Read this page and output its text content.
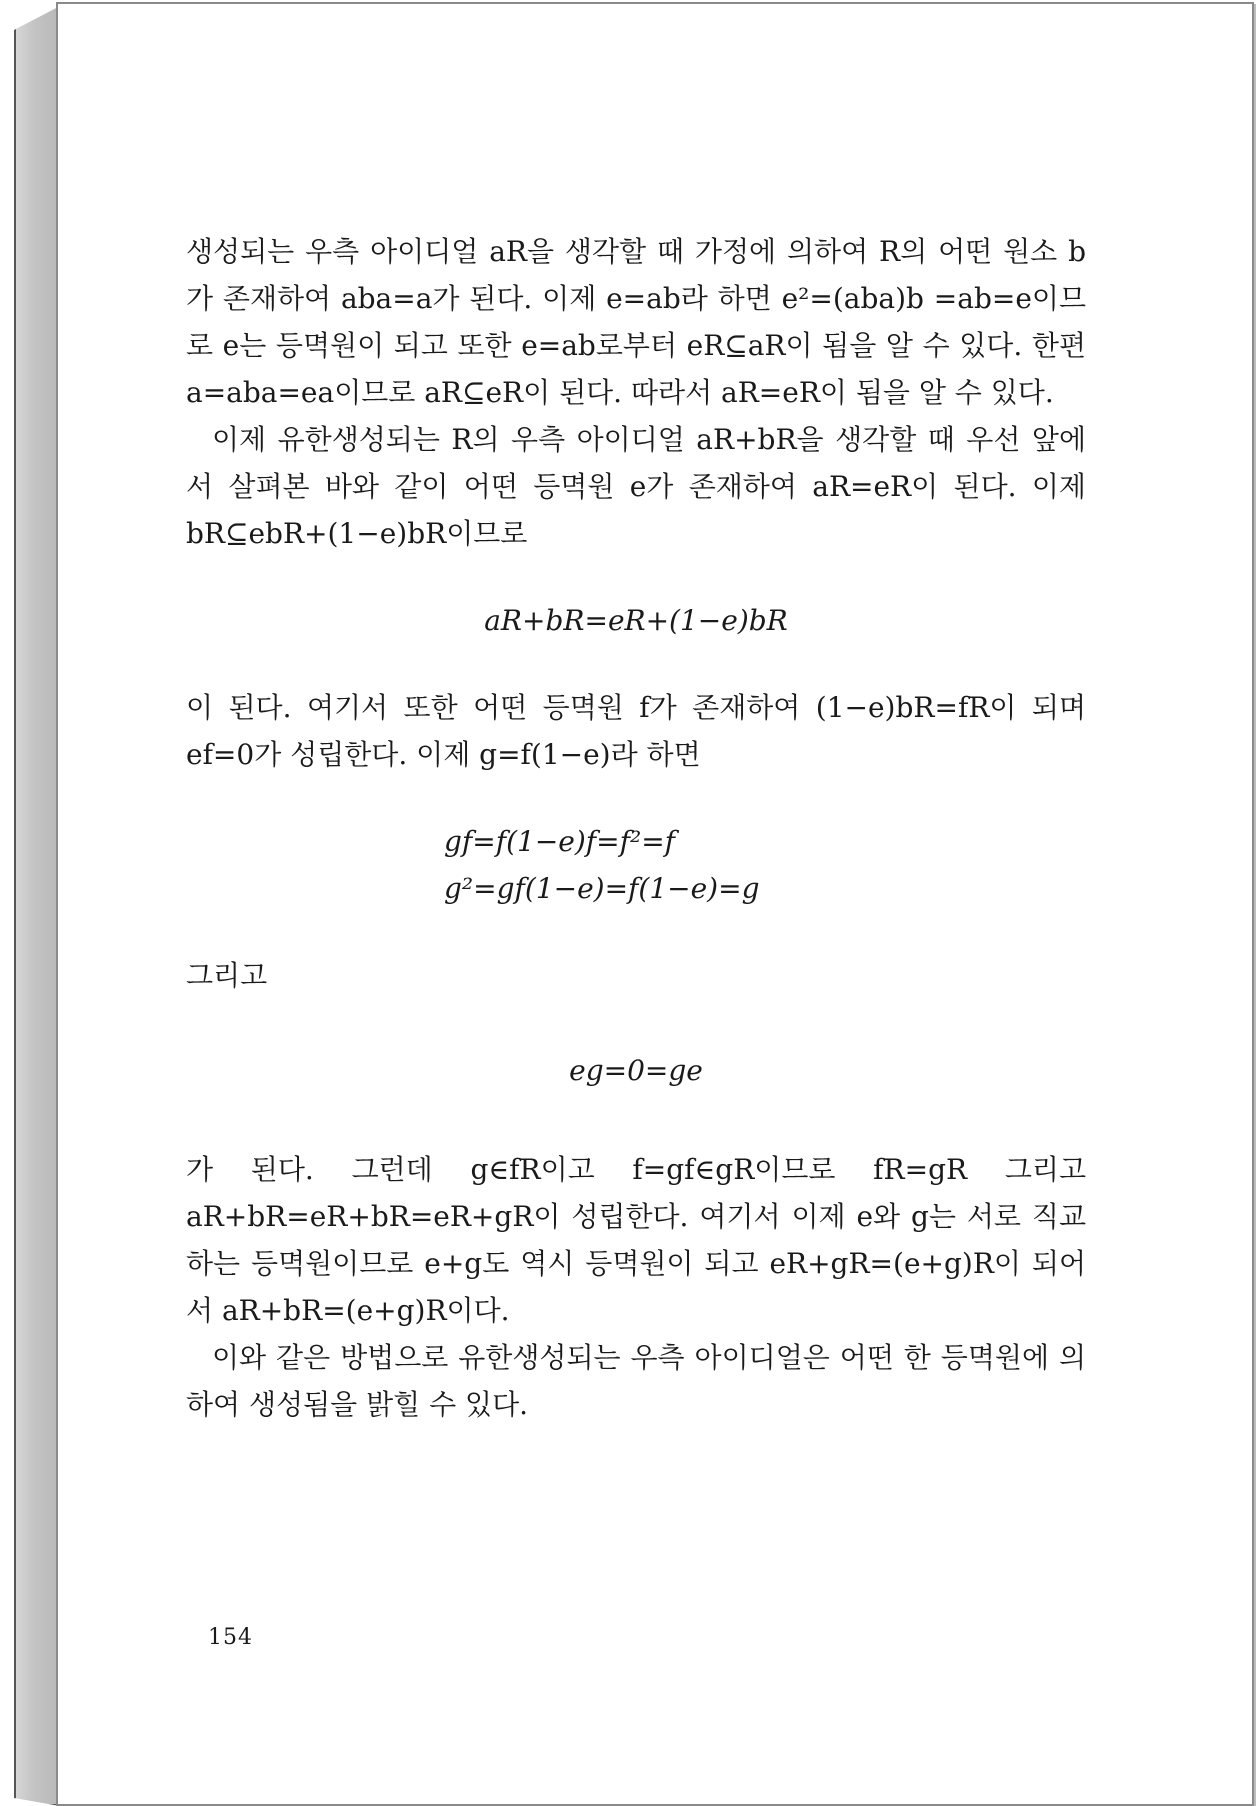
생성되는 우측 아이디얼 aR을 생각할 때 가정에 의하여 R의 어떤 원소 b가 존재하여 aba=a가 된다. 이제 e=ab라 하면 e²=(aba)b =ab=e이므로 e는 등멱원이 되고 또한 e=ab로부터 eR⊆aR이 됨을 알 수 있다. 한편 a=aba=ea이므로 aR⊆eR이 된다. 따라서 aR=eR이 됨을 알 수 있다.

이제 유한생성되는 R의 우측 아이디얼 aR+bR을 생각할 때 우선 앞에서 살펴본 바와 같이 어떤 등멱원 e가 존재하여 aR=eR이 된다. 이제 bR⊆ebR+(1−e)bR이므로

aR+bR=eR+(1−e)bR

이 된다. 여기서 또한 어떤 등멱원 f가 존재하여 (1−e)bR=fR이 되며 ef=0가 성립한다. 이제 g=f(1−e)라 하면

gf=f(1−e)f=f²=f
g²=gf(1−e)=f(1−e)=g

그리고

eg=0=ge

가 된다. 그런데 g∈fR이고 f=gf∈gR이므로 fR=gR 그리고 aR+bR=eR+bR=eR+gR이 성립한다. 여기서 이제 e와 g는 서로 직교하는 등멱원이므로 e+g도 역시 등멱원이 되고 eR+gR=(e+g)R이 되어서 aR+bR=(e+g)R이다.

이와 같은 방법으로 유한생성되는 우측 아이디얼은 어떤 한 등멱원에 의하여 생성됨을 밝힐 수 있다.

154
